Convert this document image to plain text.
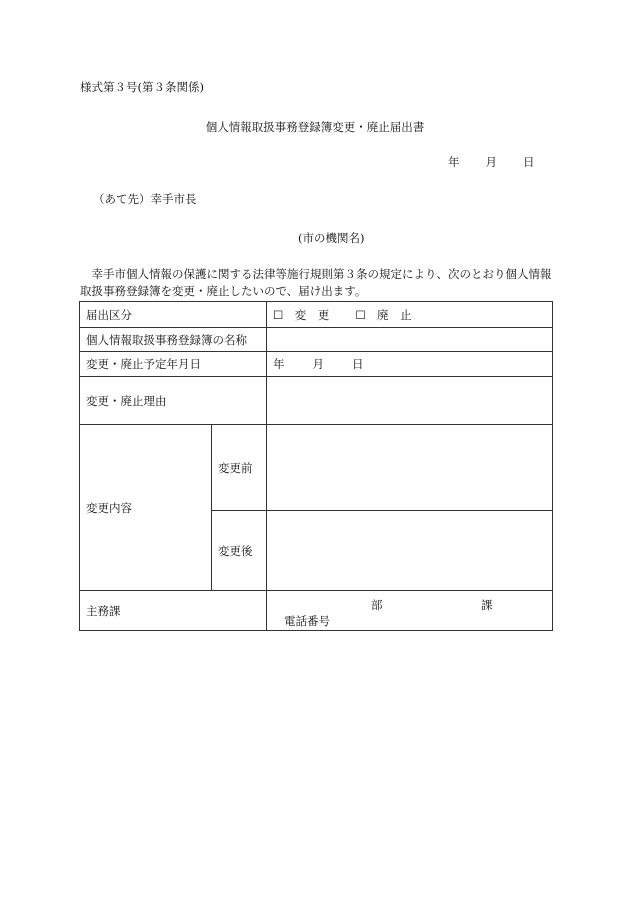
様式第３号(第３条関係)
個人情報取扱事務登録簿変更・廃止届出書
年 月 日
（あて先）幸手市長
(市の機関名)
幸手市個人情報の保護に関する法律等施行規則第３条の規定により、次のとおり個人情報取扱事務登録簿を変更・廃止したいので、届け出ます。
届出区分		☐　変　更 ☐　廃　止
個人情報取扱事務登録簿の名称		
変更・廃止予定年月日		年 月 日
変更・廃止理由		
変更内容	変更前	
	変更後	
主務課		部 課
電話番号
